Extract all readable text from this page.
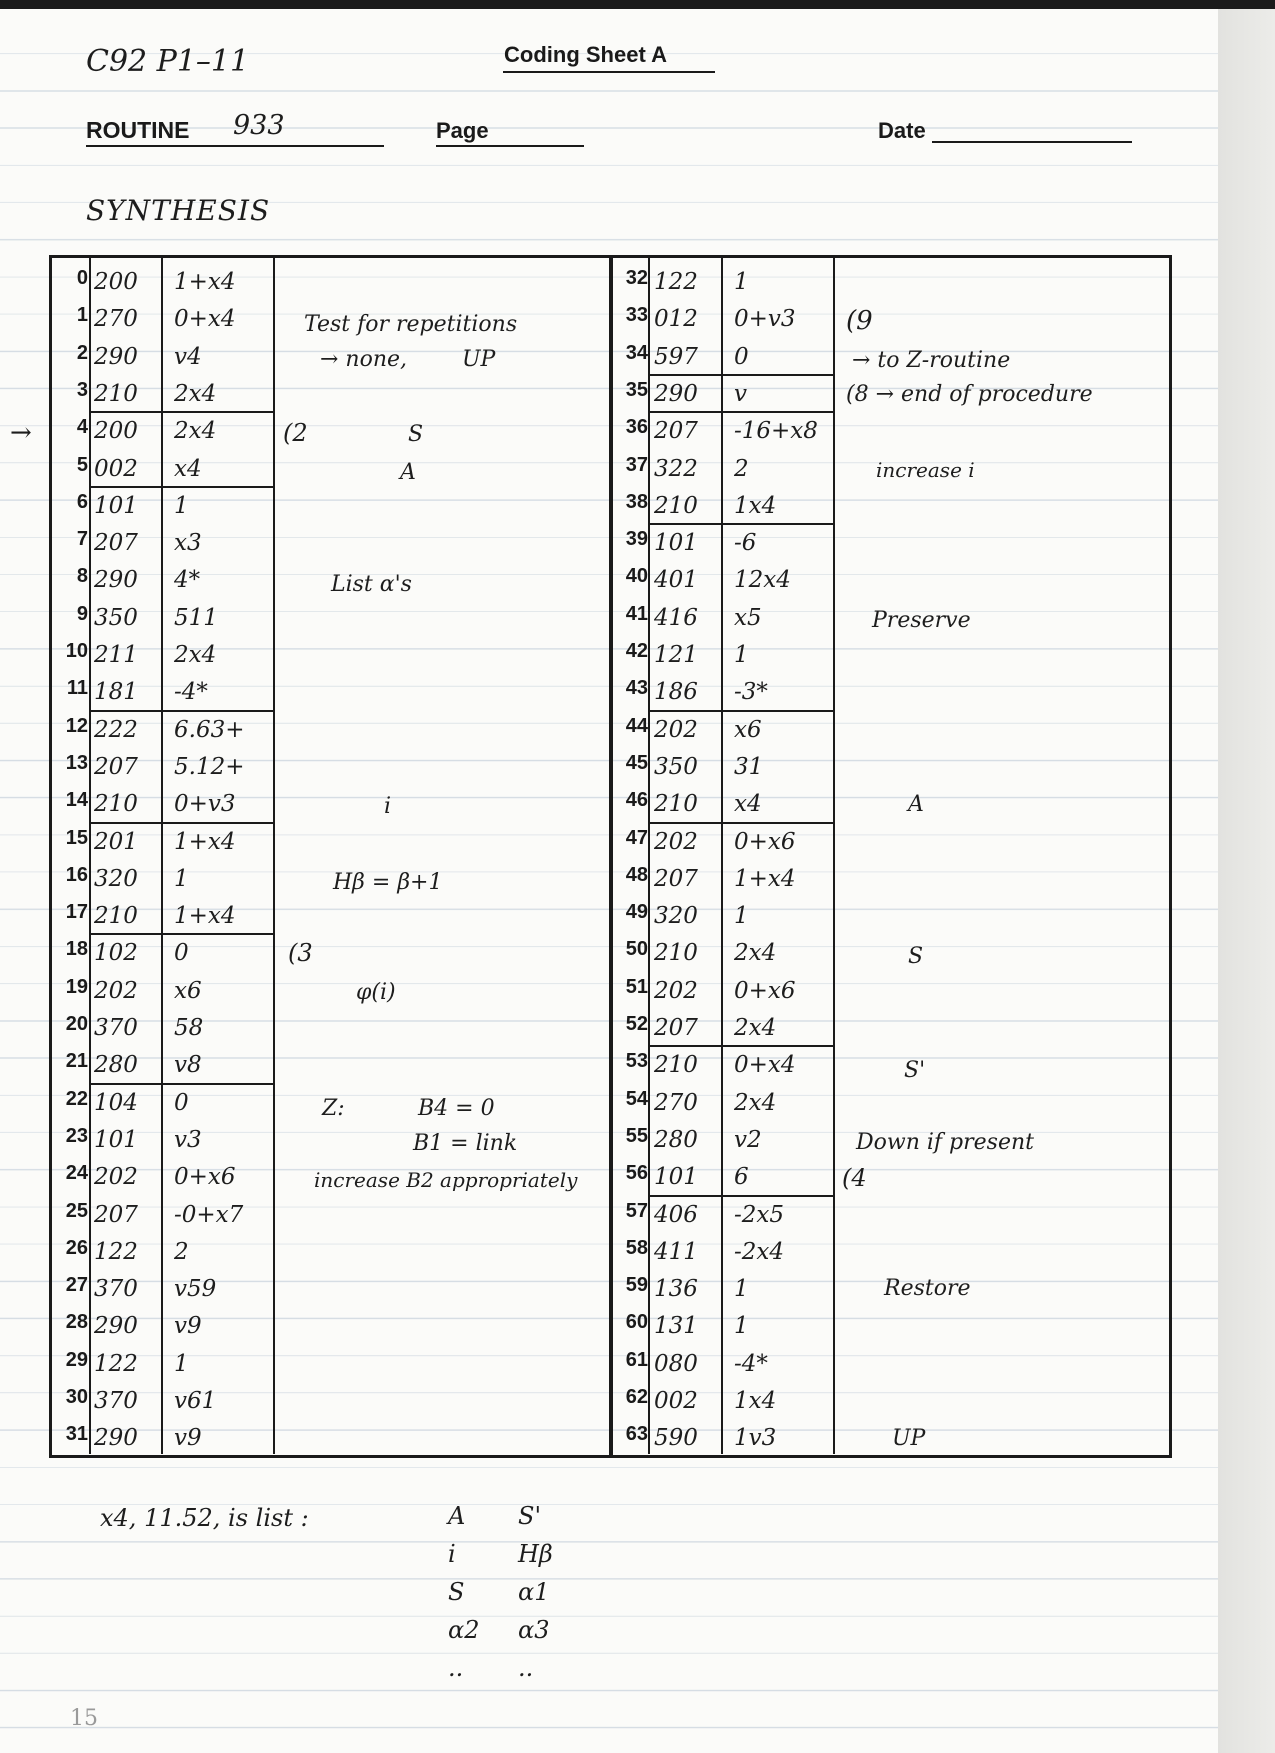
C92 P1–11	Coding Sheet A
ROUTINE 933	Page	Date
SYNTHESIS
→
0 200 1+x4
1 270 0+x4
2 290 v4
3 210 2x4
4 200 2x4
5 002 x4
6 101 1
7 207 x3
8 290 4*
9 350 511
10 211 2x4
11 181 -4*
12 222 6.63+
13 207 5.12+
14 210 0+v3
15 201 1+x4
16 320 1
17 210 1+x4
18 102 0
19 202 x6
20 370 58
21 280 v8
22 104 0
23 101 v3
24 202 0+x6
25 207 -0+x7
26 122 2
27 370 v59
28 290 v9
29 122 1
30 370 v61
31 290 v9
32 122 1
33 012 0+v3
34 597 0
35 290 v
36 207 -16+x8
37 322 2
38 210 1x4
39 101 -6
40 401 12x4
41 416 x5
42 121 1
43 186 -3*
44 202 x6
45 350 31
46 210 x4
47 202 0+x6
48 207 1+x4
49 320 1
50 210 2x4
51 202 0+x6
52 207 2x4
53 210 0+x4
54 270 2x4
55 280 v2
56 101 6
57 406 -2x5
58 411 -2x4
59 136 1
60 131 1
61 080 -4*
62 002 1x4
63 590 1v3
Test for repetitions
→ none, UP
(2	S
A
List α's
i
Hβ = β+1
(3
φ(i)
Z:	B4 = 0
B1 = link
increase B2 appropriately
(9
→ to Z-routine
(8 → end of procedure
increase i
Preserve
A
S
S'
Down if present
(4
Restore
UP
x4, 11.52, is list :	A S'
i	Hβ
S α1
α2 α3
.. ..
15
